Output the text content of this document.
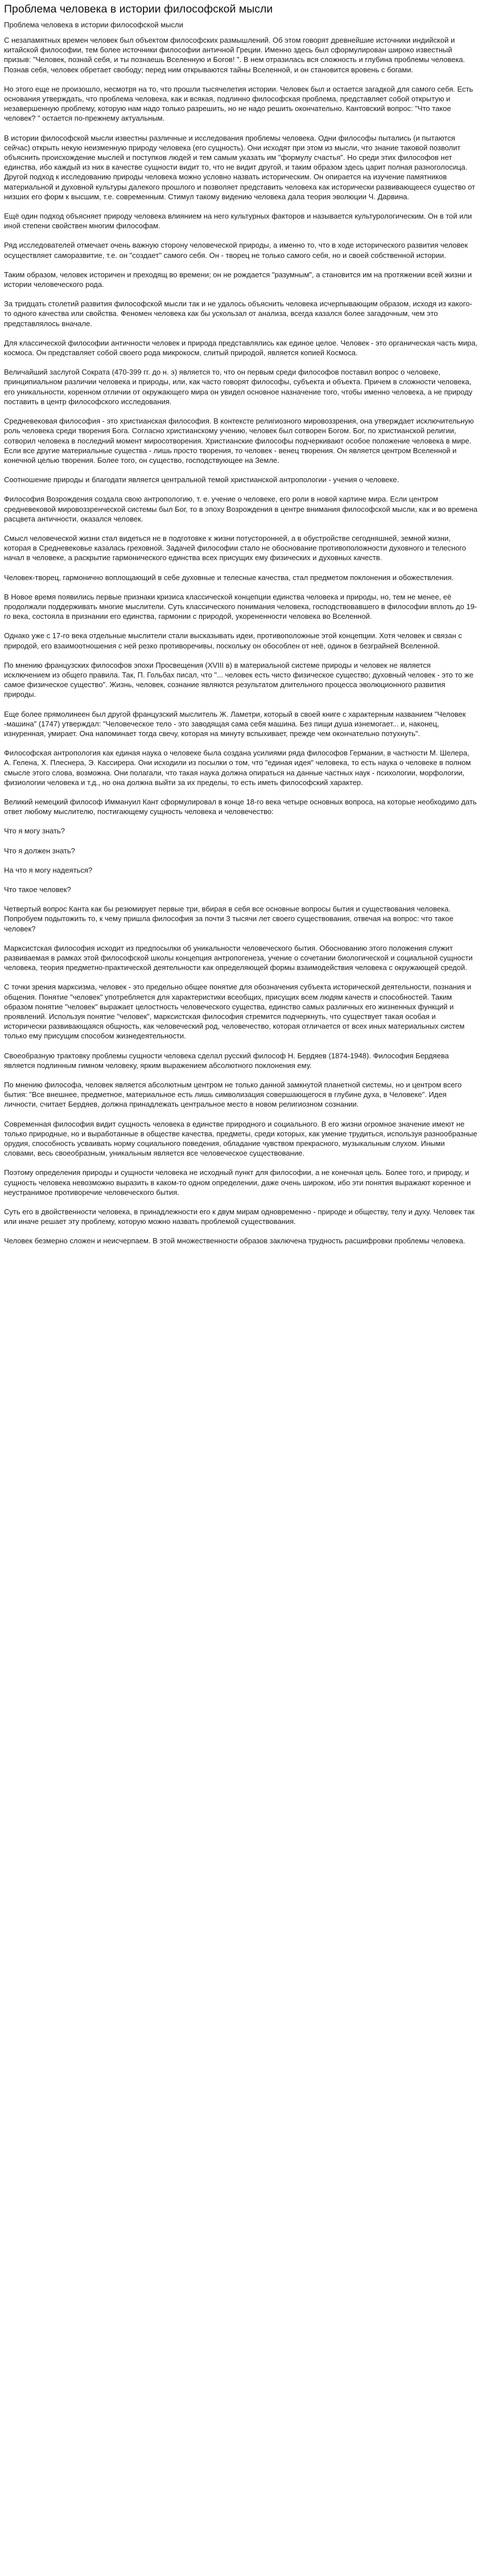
Проблема человека в истории философской мысли

Проблема человека в истории философской мысли

С незапамятных времен человек был объектом философских размышлений. Об этом говорят древнейшие источники индийской и китайской философии, тем более источники философии античной Греции. Именно здесь был сформулирован широко известный призыв: "Человек, познай себя, и ты познаешь Вселенную и Богов! ". В нем отразилась вся сложность и глубина проблемы человека. Познав себя, человек обретает свободу; перед ним открываются тайны Вселенной, и он становится вровень с богами.

Но этого еще не произошло, несмотря на то, что прошли тысячелетия истории. Человек был и остается загадкой для самого себя. Есть основания утверждать, что проблема человека, как и всякая, подлинно философская проблема, представляет собой открытую и незавершенную проблему, которую нам надо только разрешить, но не надо решить окончательно. Кантовский вопрос: "Что такое человек? " остается по-прежнему актуальным.

В истории философской мысли известны различные и исследования проблемы человека. Одни философы пытались (и пытаются сейчас) открыть некую неизменную природу человека (его сущность). Они исходят при этом из мысли, что знание таковой позволит объяснить происхождение мыслей и поступков людей и тем самым указать им "формулу счастья". Но среди этих философов нет единства, ибо каждый из них в качестве сущности видит то, что не видит другой, и таким образом здесь царит полная разноголосица. Другой подход к исследованию природы человека можно условно назвать историческим. Он опирается на изучение памятников материальной и духовной культуры далекого прошлого и позволяет представить человека как исторически развивающееся существо от низших его форм к высшим, т.е. современным. Стимул такому видению человека дала теория эволюции Ч. Дарвина.

Ещё один подход объясняет природу человека влиянием на него культурных факторов и называется культурологическим. Он в той или иной степени свойствен многим философам.

Ряд исследователей отмечает очень важную сторону человеческой природы, а именно то, что в ходе исторического развития человек осуществляет саморазвитие, т.е. он "создает" самого себя. Он - творец не только самого себя, но и своей собственной истории.

Таким образом, человек историчен и преходящ во времени; он не рождается "разумным", а становится им на протяжении всей жизни и истории человеческого рода.

За тридцать столетий развития философской мысли так и не удалось объяснить человека исчерпывающим образом, исходя из какого-то одного качества или свойства. Феномен человека как бы ускользал от анализа, всегда казался более загадочным, чем это представлялось вначале.

Для классической философии античности человек и природа представлялись как единое целое. Человек - это органическая часть мира, космоса. Он представляет собой своего рода микрокосм, слитый природой, является копией Космоса.

Величайший заслугой Сократа (470-399 гг. до н. э) является то, что он первым среди философов поставил вопрос о человеке, принципиальном различии человека и природы, или, как часто говорят философы, субъекта и объекта. Причем в сложности человека, его уникальности, коренном отличии от окружающего мира он увидел основное назначение того, чтобы именно человека, а не природу поставить в центр философского исследования.

Средневековая философия - это христианская философия. В контексте религиозного мировоззрения, она утверждает исключительную роль человека среди творения Бога. Согласно христианскому учению, человек был сотворен Богом. Бог, по христианской религии, сотворил человека в последний момент миросотворения. Христианские философы подчеркивают особое положение человека в мире. Если все другие материальные существа - лишь просто творения, то человек - венец творения. Он является центром Вселенной и конечной целью творения. Более того, он существо, господствующее на Земле.

Соотношение природы и благодати является центральной темой христианской антропологии - учения о человеке.

Философия Возрождения создала свою антропологию, т. е. учение о человеке, его роли в новой картине мира. Если центром средневековой мировоззренческой системы был Бог, то в эпоху Возрождения в центре внимания философской мысли, как и во времена расцвета античности, оказался человек.

Смысл человеческой жизни стал видеться не в подготовке к жизни потусторонней, а в обустройстве сегодняшней, земной жизни, которая в Средневековье казалась греховной. Задачей философии стало не обоснование противоположности духовного и телесного начал в человеке, а раскрытие гармонического единства всех присущих ему физических и духовных качеств.

Человек-творец, гармонично воплощающий в себе духовные и телесные качества, стал предметом поклонения и обожествления.

В Новое время появились первые признаки кризиса классической концепции единства человека и природы, но, тем не менее, её продолжали поддерживать многие мыслители. Суть классического понимания человека, господствовавшего в философии вплоть до 19-го века, состояла в признании его единства, гармонии с природой, укорененности человека во Вселенной.

Однако уже с 17-го века отдельные мыслители стали высказывать идеи, противоположные этой концепции. Хотя человек и связан с природой, его взаимоотношения с ней резко противоречивы, поскольку он обособлен от неё, одинок в безграйней Вселенной.

По мнению французских философов эпохи Просвещения (XVIII в) в материальной системе природы и человек не является исключением из общего правила. Так, П. Гольбах писал, что "... человек есть чисто физическое существо; духовный человек - это то же самое физическое существо". Жизнь, человек, сознание являются результатом длительного процесса эволюционного развития природы.

Еще более прямолинеен был другой французский мыслитель Ж. Ламетри, который в своей книге с характерным названием "Человек -машина" (1747) утверждал: "Человеческое тело - это заводящая сама себя машина. Без пищи душа изнемогает... и, наконец, изнуренная, умирает. Она напоминает тогда свечу, которая на минуту вспыхивает, прежде чем окончательно потухнуть".

Философская антропология как единая наука о человеке была создана усилиями ряда философов Германии, в частности М. Шелера, А. Гелена, Х. Плеснера, Э. Кассирера. Они исходили из посылки о том, что "единая идея" человека, то есть наука о человеке в полном смысле этого слова, возможна. Они полагали, что такая наука должна опираться на данные частных наук - психологии, морфологии, физиологии человека и т.д., но она должна выйти за их пределы, то есть иметь философский характер.

Великий немецкий философ Иммануил Кант сформулировал в конце 18-го века четыре основных вопроса, на которые необходимо дать ответ любому мыслителю, постигающему сущность человека и человечество:

Что я могу знать?

Что я должен знать?

На что я могу надеяться?

Что такое человек?

Четвертый вопрос Канта как бы резюмирует первые три, вбирая в себя все основные вопросы бытия и существования человека. Попробуем подытожить то, к чему пришла философия за почти 3 тысячи лет своего существования, отвечая на вопрос: что такое человек?

Марксистская философия исходит из предпосылки об уникальности человеческого бытия. Обоснованию этого положения служит развиваемая в рамках этой философской школы концепция антропогенеза, учение о сочетании биологической и социальной сущности человека, теория предметно-практической деятельности как определяющей формы взаимодействия человека с окружающей средой.

С точки зрения марксизма, человек - это предельно общее понятие для обозначения субъекта исторической деятельности, познания и общения. Понятие "человек" употребляется для характеристики всеобщих, присущих всем людям качеств и способностей. Таким образом понятие "человек" выражает целостность человеческого существа, единство самых различных его жизненных функций и проявлений. Используя понятие "человек", марксистская философия стремится подчеркнуть, что существует такая особая и исторически развивающаяся общность, как человеческий род, человечество, которая отличается от всех иных материальных систем только ему присущим способом жизнедеятельности.

Своеобразную трактовку проблемы сущности человека сделал русский философ Н. Бердяев (1874-1948). Философия Бердяева является подлинным гимном человеку, ярким выражением абсолютного поклонения ему.

По мнению философа, человек является абсолютным центром не только данной замкнутой планетной системы, но и центром всего бытия: "Все внешнее, предметное, материальное есть лишь символизация совершающегося в глубине духа, в Человеке". Идея личности, считает Бердяев, должна принадлежать центральное место в новом религиозном сознании.

Современная философия видит сущность человека в единстве природного и социального. В его жизни огромное значение имеют не только природные, но и выработанные в обществе качества, предметы, среди которых, как умение трудиться, используя разнообразные орудия, способность усваивать норму социального поведения, обладание чувством прекрасного, музыкальным слухом. Иными словами, весь своеобразным, уникальным является все человеческое существование.

Поэтому определения природы и сущности человека не исходный пункт для философии, а не конечная цель. Более того, и природу, и сущность человека невозможно выразить в каком-то одном определении, даже очень широком, ибо эти понятия выражают коренное и неустранимое противоречие человеческого бытия.

Суть его в двойственности человека, в принадлежности его к двум мирам одновременно - природе и обществу, телу и духу. Человек так или иначе решает эту проблему, которую можно назвать проблемой существования.

Человек безмерно сложен и неисчерпаем. В этой множественности образов заключена трудность расшифровки проблемы человека.
